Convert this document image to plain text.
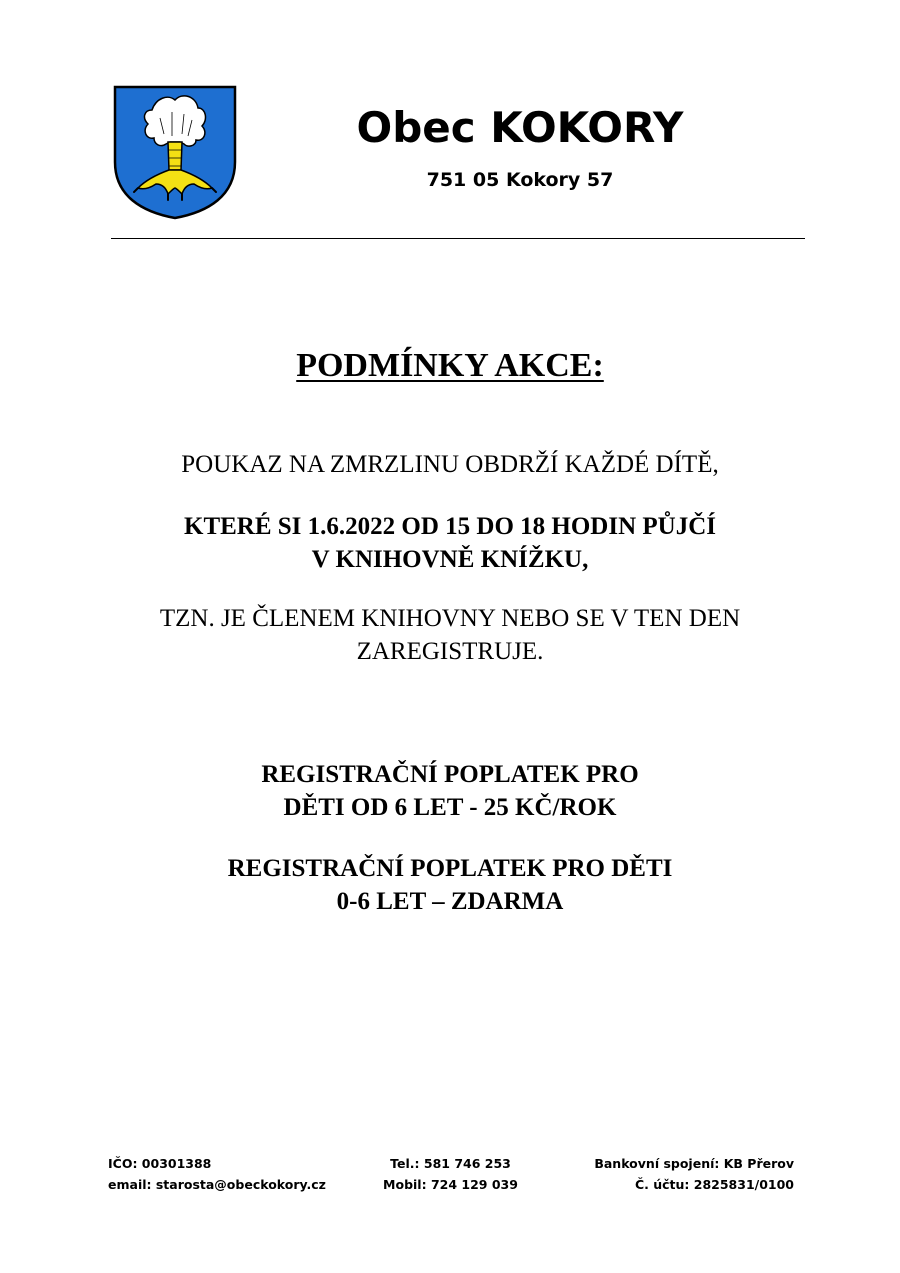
Obec KOKORY
751 05 Kokory 57
PODMÍNKY AKCE:
POUKAZ NA ZMRZLINU OBDRŽÍ KAŽDÉ DÍTĚ,
KTERÉ SI 1.6.2022 OD 15 DO 18 HODIN PŮJČÍ
V KNIHOVNĚ KNÍŽKU,
TZN. JE ČLENEM KNIHOVNY NEBO SE V TEN DEN
ZAREGISTRUJE.
REGISTRAČNÍ POPLATEK PRO
DĚTI OD 6 LET - 25 KČ/ROK
REGISTRAČNÍ POPLATEK PRO DĚTI
0-6 LET – ZDARMA
IČO: 00301388
email: starosta@obeckokory.cz
Tel.: 581 746 253
Mobil: 724 129 039
Bankovní spojení: KB Přerov
Č. účtu: 2825831/0100
